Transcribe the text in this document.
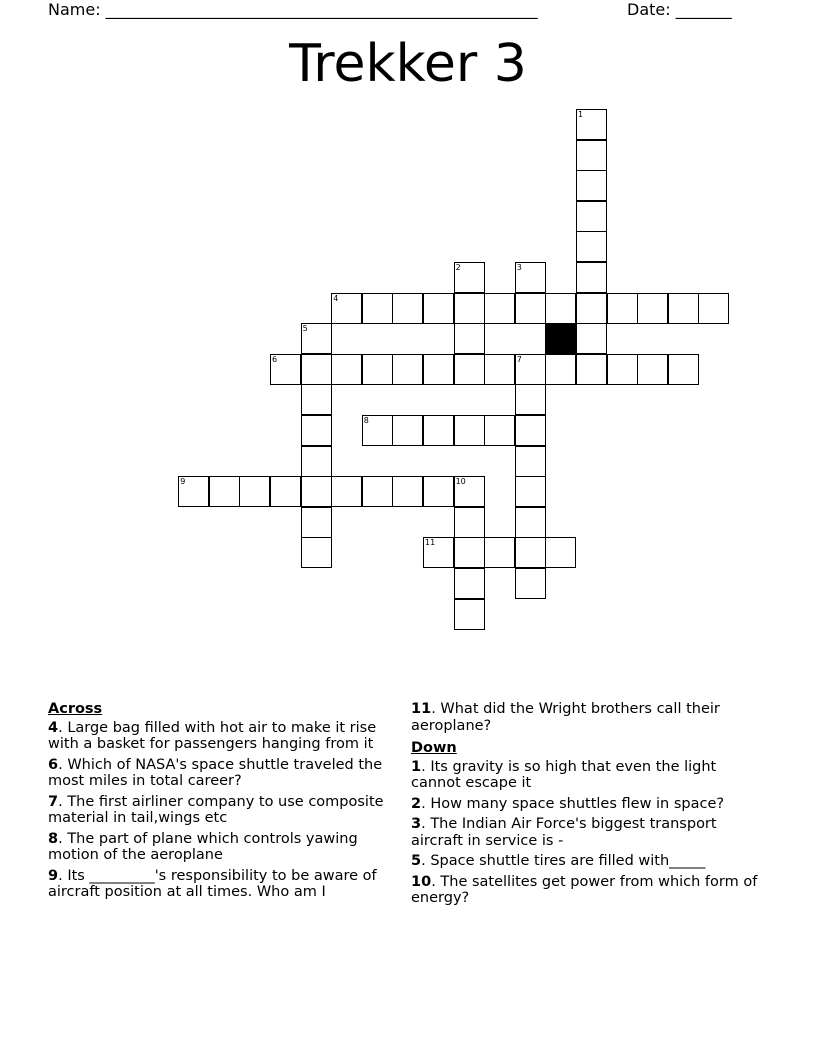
Name: ______________________________________________________	Date: _______
Trekker 3
1
2	3
4
5
6	7
8
9	10
11
Across
4. Large bag filled with hot air to make it rise with a basket for passengers hanging from it
6. Which of NASA's space shuttle traveled the most miles in total career?
7. The first airliner company to use composite material in tail,wings etc
8. The part of plane which controls yawing motion of the aeroplane
9. Its _________'s responsibility to be aware of aircraft position at all times. Who am I
11. What did the Wright brothers call their aeroplane?
Down
1. Its gravity is so high that even the light cannot escape it
2. How many space shuttles flew in space?
3. The Indian Air Force's biggest transport aircraft in service is -
5. Space shuttle tires are filled with_____
10. The satellites get power from which form of energy?
